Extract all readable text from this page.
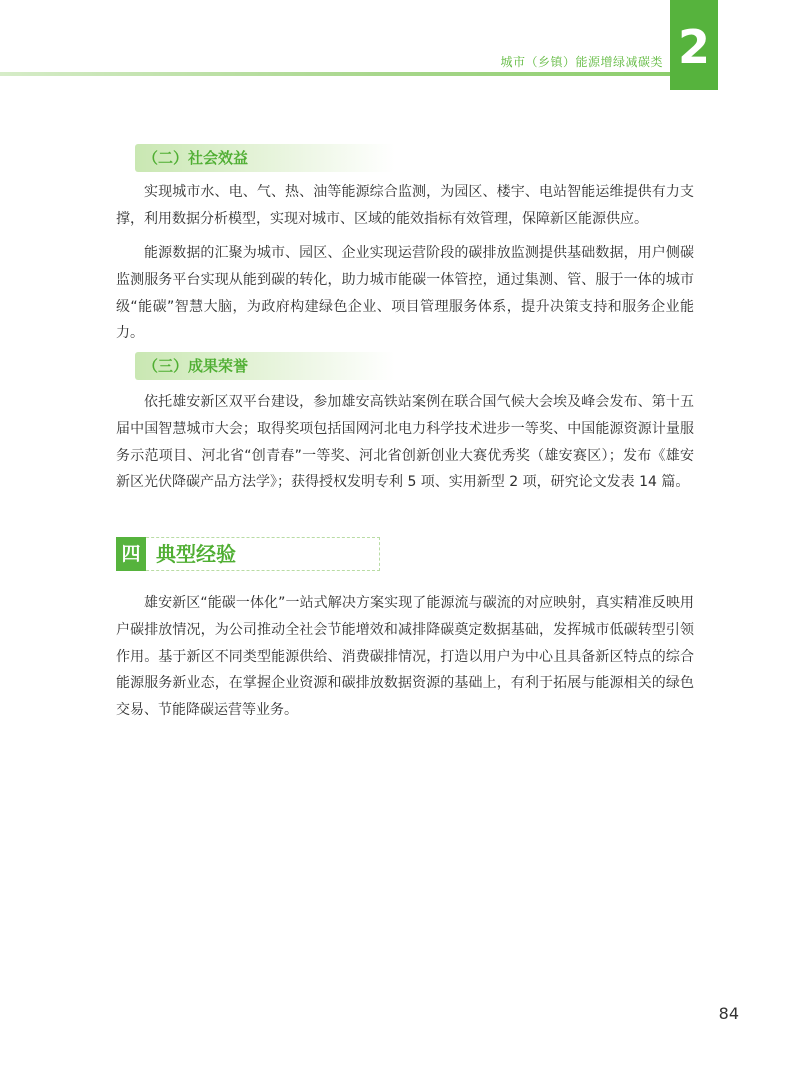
城市（乡镇）能源增绿减碳类 2
（二）社会效益

实现城市水、电、气、热、油等能源综合监测，为园区、楼宇、电站智能运维提供有力支撑，利用数据分析模型，实现对城市、区域的能效指标有效管理，保障新区能源供应。

能源数据的汇聚为城市、园区、企业实现运营阶段的碳排放监测提供基础数据，用户侧碳监测服务平台实现从能到碳的转化，助力城市能碳一体管控，通过集测、管、服于一体的城市级“能碳”智慧大脑，为政府构建绿色企业、项目管理服务体系，提升决策支持和服务企业能力。

（三）成果荣誉

依托雄安新区双平台建设，参加雄安高铁站案例在联合国气候大会埃及峰会发布、第十五届中国智慧城市大会；取得奖项包括国网河北电力科学技术进步一等奖、中国能源资源计量服务示范项目、河北省“创青春”一等奖、河北省创新创业大赛优秀奖（雄安赛区）；发布《雄安新区光伏降碳产品方法学》；获得授权发明专利 5 项、实用新型 2 项，研究论文发表 14 篇。

四 典型经验

雄安新区“能碳一体化”一站式解决方案实现了能源流与碳流的对应映射，真实精准反映用户碳排放情况，为公司推动全社会节能增效和减排降碳奠定数据基础，发挥城市低碳转型引领作用。基于新区不同类型能源供给、消费碳排情况，打造以用户为中心且具备新区特点的综合能源服务新业态，在掌握企业资源和碳排放数据资源的基础上，有利于拓展与能源相关的绿色交易、节能降碳运营等业务。

84
